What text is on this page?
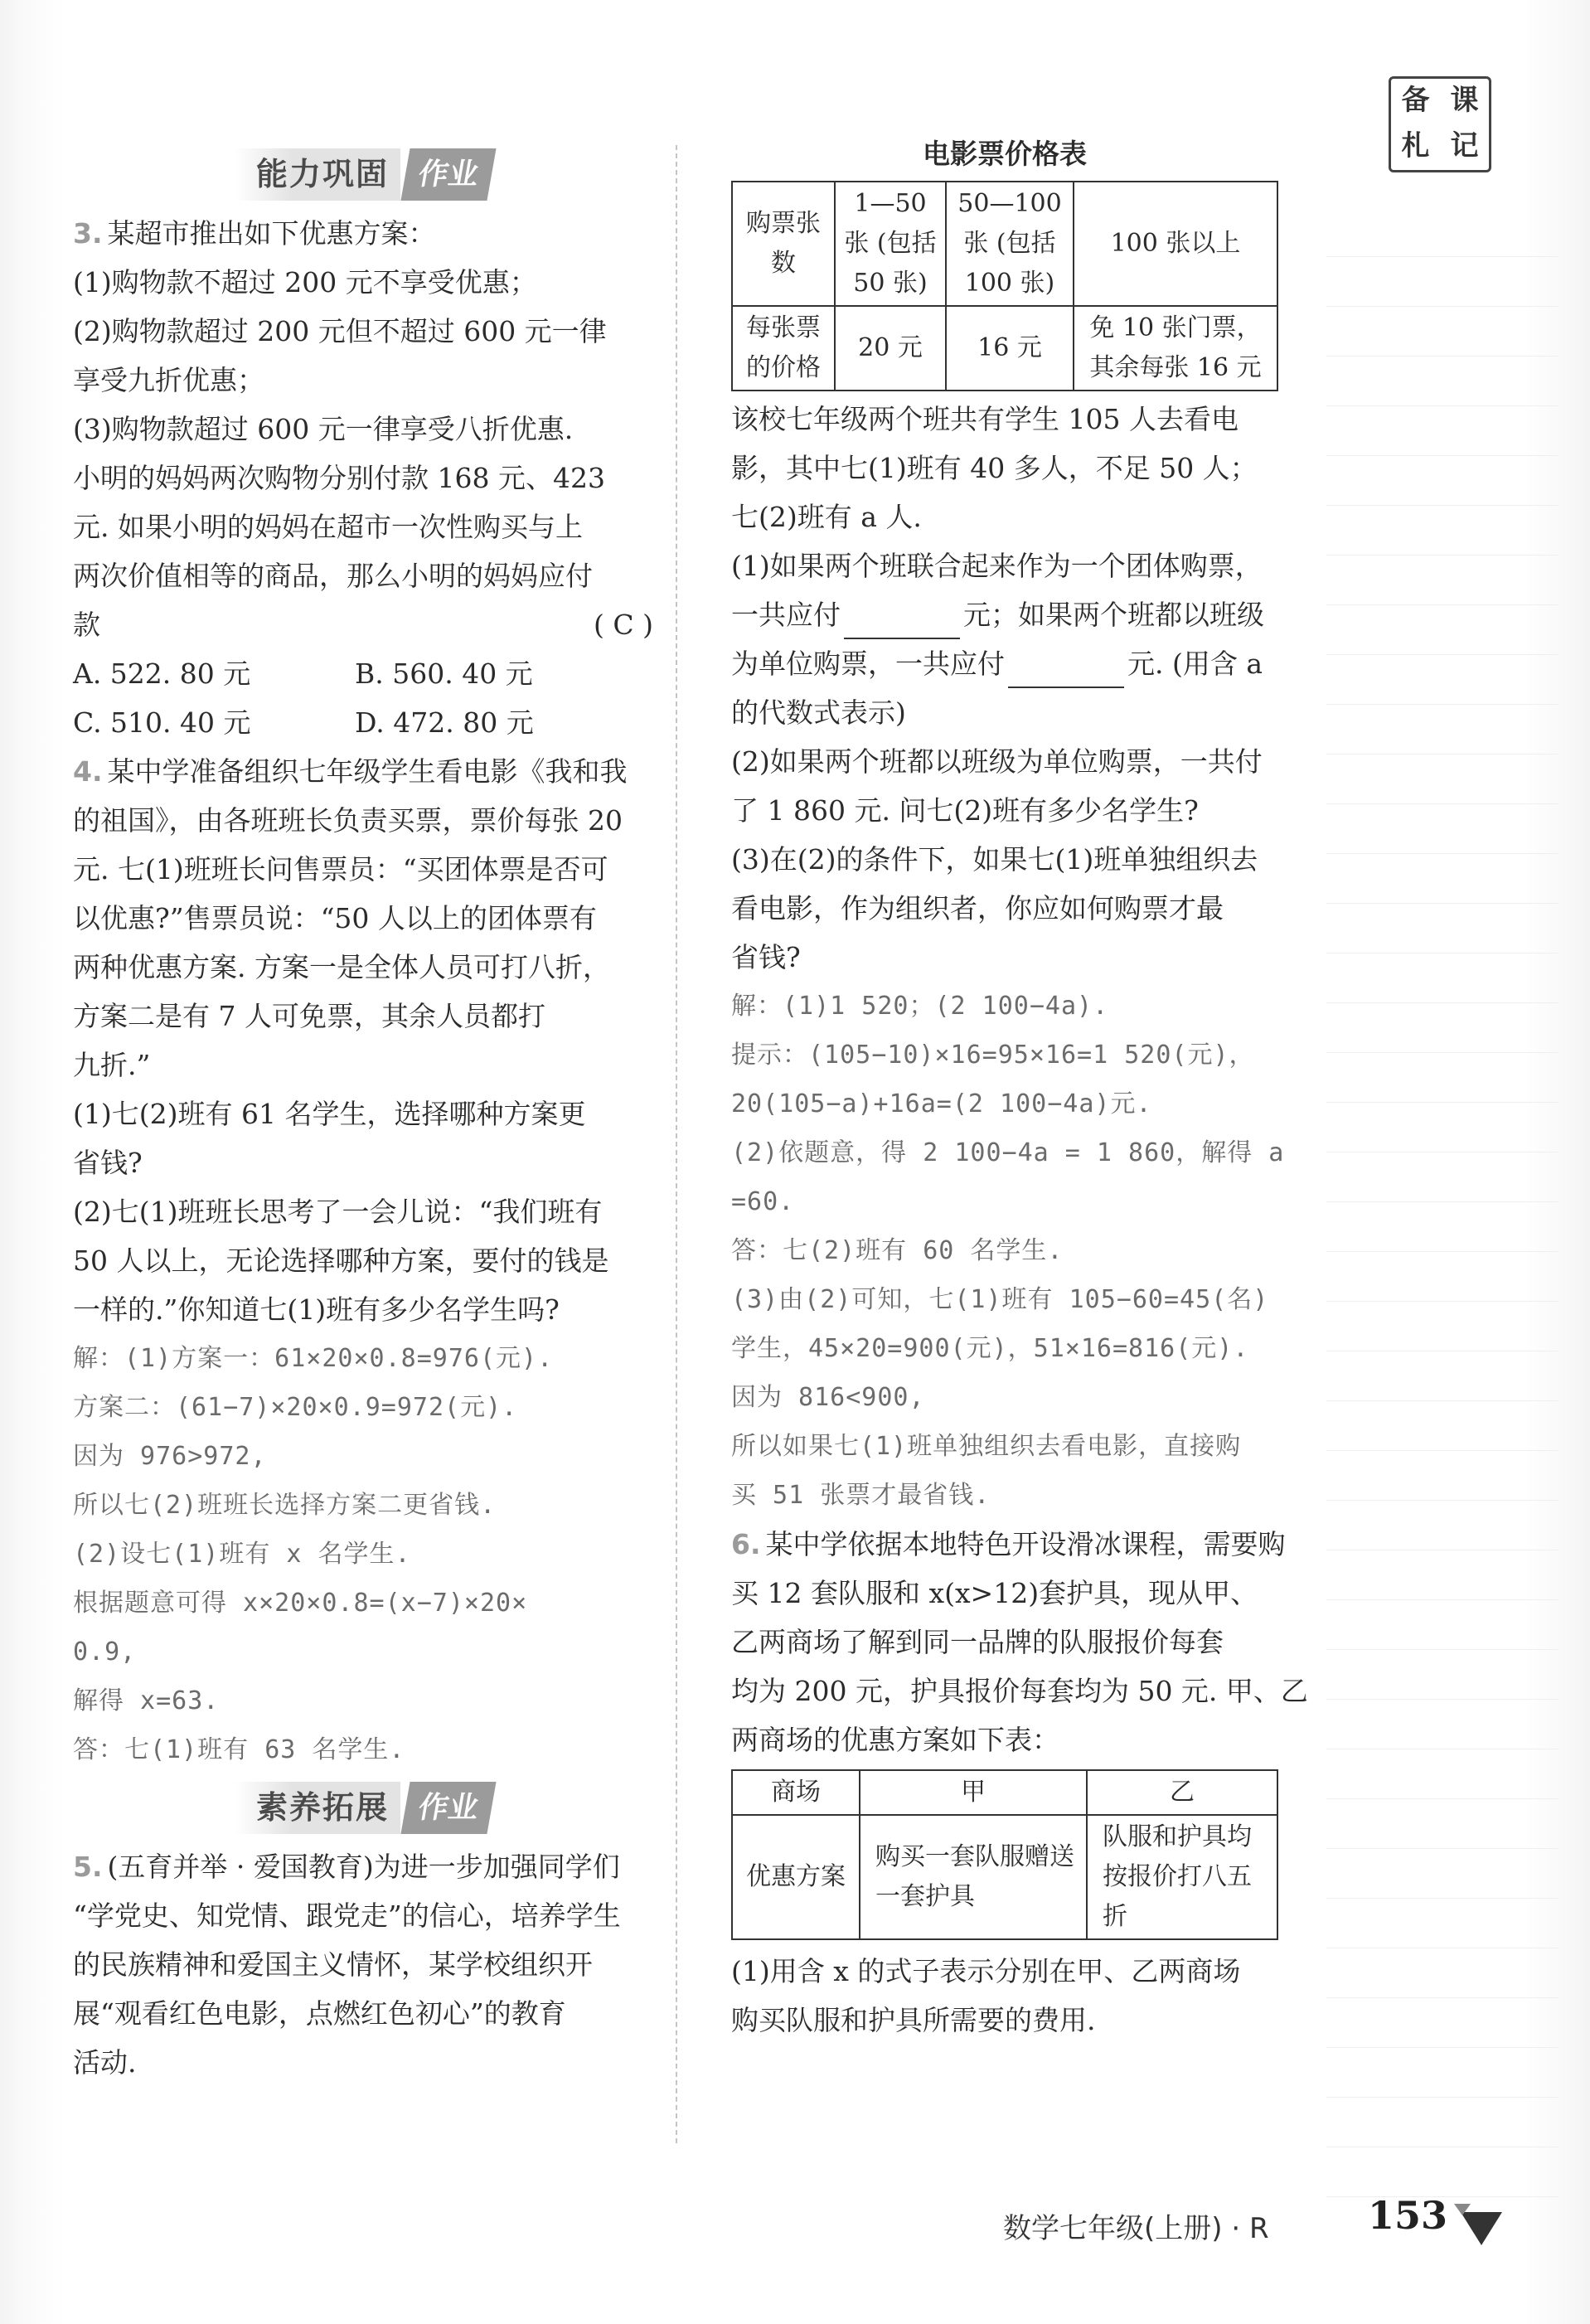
备 课
札 记
能力巩固 作业
3. 某超市推出如下优惠方案：
(1)购物款不超过 200 元不享受优惠；
(2)购物款超过 200 元但不超过 600 元一律
享受九折优惠；
(3)购物款超过 600 元一律享受八折优惠.
小明的妈妈两次购物分别付款 168 元、423
元. 如果小明的妈妈在超市一次性购买与上
两次价值相等的商品，那么小明的妈妈应付
款	( C )
A. 522. 80 元	B. 560. 40 元
C. 510. 40 元	D. 472. 80 元
4. 某中学准备组织七年级学生看电影《我和我
的祖国》，由各班班长负责买票，票价每张 20
元. 七(1)班班长问售票员：“买团体票是否可
以优惠?”售票员说：“50 人以上的团体票有
两种优惠方案. 方案一是全体人员可打八折，
方案二是有 7 人可免票，其余人员都打
九折.”
(1)七(2)班有 61 名学生，选择哪种方案更
省钱?
(2)七(1)班班长思考了一会儿说：“我们班有
50 人以上，无论选择哪种方案，要付的钱是
一样的.”你知道七(1)班有多少名学生吗?
解：(1)方案一：61×20×0.8=976(元).
方案二：(61−7)×20×0.9=972(元).
因为 976>972,
所以七(2)班班长选择方案二更省钱.
(2)设七(1)班有 x 名学生.
根据题意可得 x×20×0.8=(x−7)×20×
0.9,
解得 x=63.
答：七(1)班有 63 名学生.
素养拓展 作业
5. (五育并举 · 爱国教育)为进一步加强同学们
“学党史、知党情、跟党走”的信心，培养学生
的民族精神和爱国主义情怀，某学校组织开
展“观看红色电影，点燃红色初心”的教育
活动.
电影票价格表
购票张数	1—50 张 (包括 50 张)	50—100 张 (包括 100 张)	100 张以上
每张票的价格	20 元	16 元	免 10 张门票，其余每张 16 元
该校七年级两个班共有学生 105 人去看电
影，其中七(1)班有 40 多人，不足 50 人；
七(2)班有 a 人.
(1)如果两个班联合起来作为一个团体购票，
一共应付	元；如果两个班都以班级
为单位购票，一共应付	元. (用含 a
的代数式表示)
(2)如果两个班都以班级为单位购票，一共付
了 1 860 元. 问七(2)班有多少名学生?
(3)在(2)的条件下，如果七(1)班单独组织去
看电影，作为组织者，你应如何购票才最
省钱?
解：(1)1 520；(2 100−4a).
提示：(105−10)×16=95×16=1 520(元)，
20(105−a)+16a=(2 100−4a)元.
(2)依题意，得 2 100−4a = 1 860，解得 a
=60.
答：七(2)班有 60 名学生.
(3)由(2)可知，七(1)班有 105−60=45(名)
学生，45×20=900(元)，51×16=816(元).
因为 816<900,
所以如果七(1)班单独组织去看电影，直接购
买 51 张票才最省钱.
6. 某中学依据本地特色开设滑冰课程，需要购
买 12 套队服和 x(x>12)套护具，现从甲、
乙两商场了解到同一品牌的队服报价每套
均为 200 元，护具报价每套均为 50 元. 甲、乙
两商场的优惠方案如下表：
商场	甲	乙
优惠方案	购买一套队服赠送一套护具	队服和护具均按报价打八五折
(1)用含 x 的式子表示分别在甲、乙两商场
购买队服和护具所需要的费用.
数学七年级(上册) · R	153
